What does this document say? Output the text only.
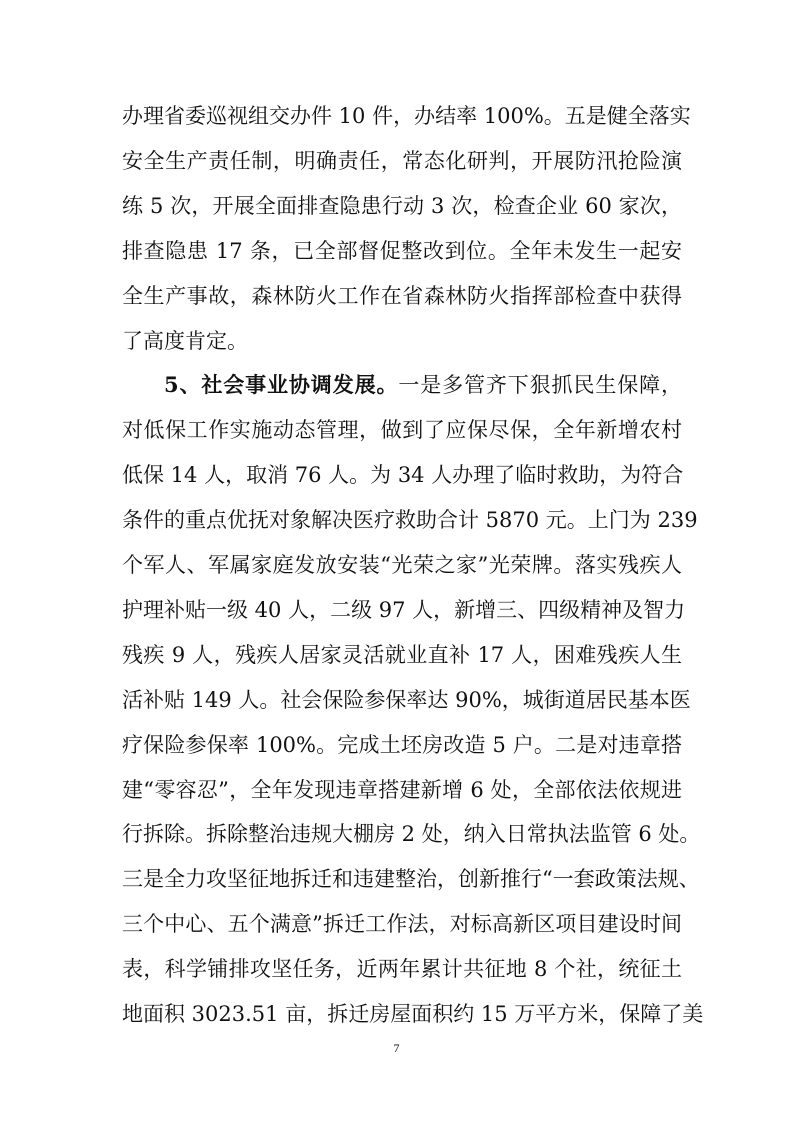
办理省委巡视组交办件 10 件，办结率 100%。五是健全落实
安全生产责任制，明确责任，常态化研判，开展防汛抢险演
练 5 次，开展全面排查隐患行动 3 次，检查企业 60 家次，
排查隐患 17 条，已全部督促整改到位。全年未发生一起安
全生产事故，森林防火工作在省森林防火指挥部检查中获得
了高度肯定。
5、社会事业协调发展。一是多管齐下狠抓民生保障，
对低保工作实施动态管理，做到了应保尽保，全年新增农村
低保 14 人，取消 76 人。为 34 人办理了临时救助，为符合
条件的重点优抚对象解决医疗救助合计 5870 元。上门为 239
个军人、军属家庭发放安装“光荣之家”光荣牌。落实残疾人
护理补贴一级 40 人，二级 97 人，新增三、四级精神及智力
残疾 9 人，残疾人居家灵活就业直补 17 人，困难残疾人生
活补贴 149 人。社会保险参保率达 90%，城街道居民基本医
疗保险参保率 100%。完成土坯房改造 5 户。二是对违章搭
建“零容忍”，全年发现违章搭建新增 6 处，全部依法依规进
行拆除。拆除整治违规大棚房 2 处，纳入日常执法监管 6 处。
三是全力攻坚征地拆迁和违建整治，创新推行“一套政策法规、
三个中心、五个满意”拆迁工作法，对标高新区项目建设时间
表，科学铺排攻坚任务，近两年累计共征地 8 个社，统征土
地面积 3023.51 亩，拆迁房屋面积约 15 万平方米，保障了美
7
